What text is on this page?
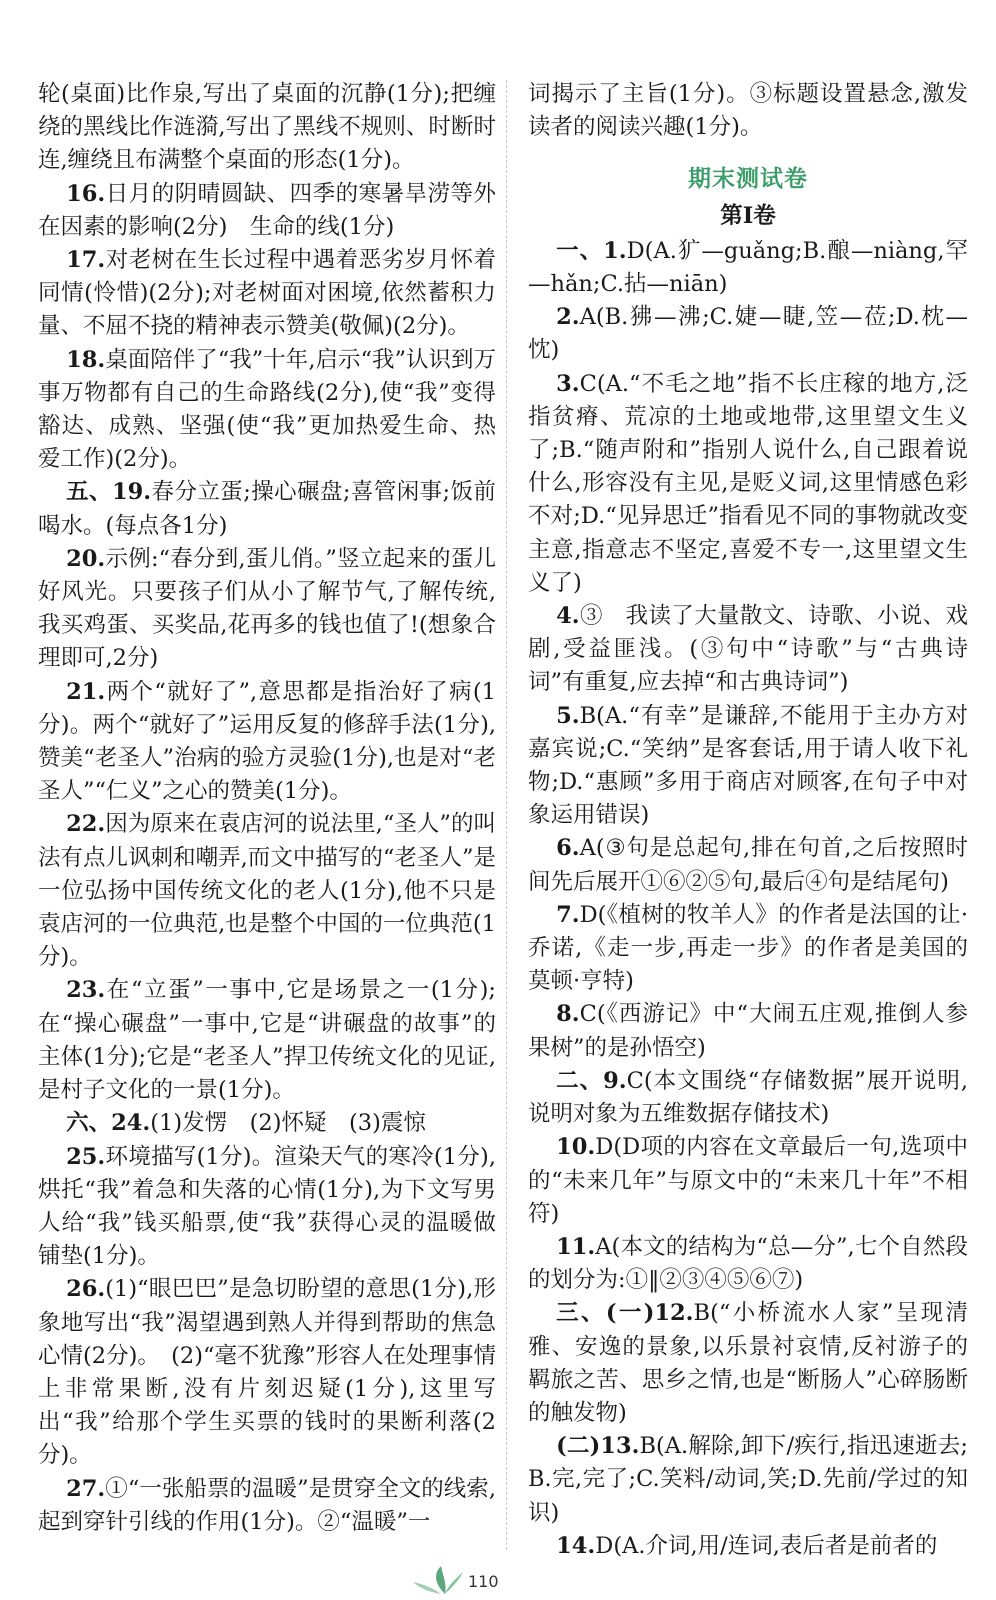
轮(桌面)比作泉,写出了桌面的沉静(1分);把缠绕的黑线比作涟漪,写出了黑线不规则、时断时连,缠绕且布满整个桌面的形态(1分)。

16.日月的阴晴圆缺、四季的寒暑旱涝等外在因素的影响(2分)　生命的线(1分)

17.对老树在生长过程中遇着恶劣岁月怀着同情(怜惜)(2分);对老树面对困境,依然蓄积力量、不屈不挠的精神表示赞美(敬佩)(2分)。

18.桌面陪伴了“我”十年,启示“我”认识到万事万物都有自己的生命路线(2分),使“我”变得豁达、成熟、坚强(使“我”更加热爱生命、热爱工作)(2分)。

五、19.春分立蛋;操心碾盘;喜管闲事;饭前喝水。(每点各1分)

20.示例:“春分到,蛋儿俏。”竖立起来的蛋儿好风光。只要孩子们从小了解节气,了解传统,我买鸡蛋、买奖品,花再多的钱也值了!(想象合理即可,2分)

21.两个“就好了”,意思都是指治好了病(1分)。两个“就好了”运用反复的修辞手法(1分),赞美“老圣人”治病的验方灵验(1分),也是对“老圣人”“仁义”之心的赞美(1分)。

22.因为原来在袁店河的说法里,“圣人”的叫法有点儿讽刺和嘲弄,而文中描写的“老圣人”是一位弘扬中国传统文化的老人(1分),他不只是袁店河的一位典范,也是整个中国的一位典范(1分)。

23.在“立蛋”一事中,它是场景之一(1分);在“操心碾盘”一事中,它是“讲碾盘的故事”的主体(1分);它是“老圣人”捍卫传统文化的见证,是村子文化的一景(1分)。

六、24.(1)发愣　(2)怀疑　(3)震惊

25.环境描写(1分)。渲染天气的寒冷(1分),烘托“我”着急和失落的心情(1分),为下文写男人给“我”钱买船票,使“我”获得心灵的温暖做铺垫(1分)。

26.(1)“眼巴巴”是急切盼望的意思(1分),形象地写出“我”渴望遇到熟人并得到帮助的焦急心情(2分)。　(2)“毫不犹豫”形容人在处理事情上非常果断,没有片刻迟疑(1分),这里写出“我”给那个学生买票的钱时的果断利落(2分)。

27.①“一张船票的温暖”是贯穿全文的线索,起到穿针引线的作用(1分)。②“温暖”一

词揭示了主旨(1分)。③标题设置悬念,激发读者的阅读兴趣(1分)。

期末测试卷
第Ⅰ卷

一、1.D(A.犷—guǎng;B.酿—niàng,罕—hǎn;C.拈—niān)

2.A(B.狒—沸;C.婕—睫,笠—莅;D.枕—忱)

3.C(A.“不毛之地”指不长庄稼的地方,泛指贫瘠、荒凉的土地或地带,这里望文生义了;B.“随声附和”指别人说什么,自己跟着说什么,形容没有主见,是贬义词,这里情感色彩不对;D.“见异思迁”指看见不同的事物就改变主意,指意志不坚定,喜爱不专一,这里望文生义了)

4.③　我读了大量散文、诗歌、小说、戏剧,受益匪浅。(③句中“诗歌”与“古典诗词”有重复,应去掉“和古典诗词”)

5.B(A.“有幸”是谦辞,不能用于主办方对嘉宾说;C.“笑纳”是客套话,用于请人收下礼物;D.“惠顾”多用于商店对顾客,在句子中对象运用错误)

6.A(③句是总起句,排在句首,之后按照时间先后展开①⑥②⑤句,最后④句是结尾句)

7.D(《植树的牧羊人》的作者是法国的让·乔诺,《走一步,再走一步》的作者是美国的莫顿·亨特)

8.C(《西游记》中“大闹五庄观,推倒人参果树”的是孙悟空)

二、9.C(本文围绕“存储数据”展开说明,说明对象为五维数据存储技术)

10.D(D项的内容在文章最后一句,选项中的“未来几年”与原文中的“未来几十年”不相符)

11.A(本文的结构为“总—分”,七个自然段的划分为:①‖②③④⑤⑥⑦)

三、(一)12.B(“小桥流水人家”呈现清雅、安逸的景象,以乐景衬哀情,反衬游子的羁旅之苦、思乡之情,也是“断肠人”心碎肠断的触发物)

(二)13.B(A.解除,卸下/疾行,指迅速逝去;B.完,完了;C.笑料/动词,笑;D.先前/学过的知识)

14.D(A.介词,用/连词,表后者是前者的

110
